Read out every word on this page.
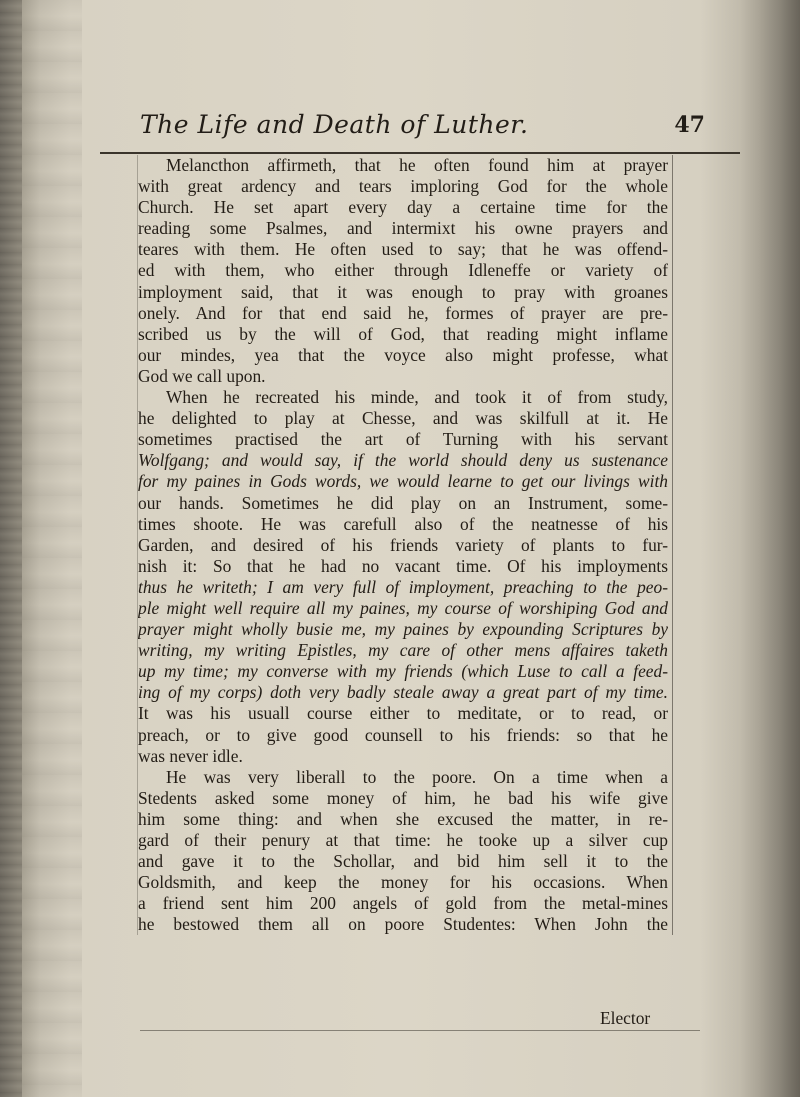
The Life and Death of Luther.	47
Melancthon affirmeth, that he often found him at prayer
with great ardency and tears imploring God for the whole
Church. He set apart every day a certaine time for the
reading some Psalmes, and intermixt his owne prayers and
teares with them. He often used to say; that he was offend-
ed with them, who either through Idleneffe or variety of
imployment said, that it was enough to pray with groanes
onely. And for that end said he, formes of prayer are pre-
scribed us by the will of God, that reading might inflame
our mindes, yea that the voyce also might professe, what
God we call upon.
When he recreated his minde, and took it of from study,
he delighted to play at Chesse, and was skilfull at it. He
sometimes practised the art of Turning with his servant
Wolfgang; and would say, if the world should deny us sustenance
for my paines in Gods words, we would learne to get our livings with
our hands. Sometimes he did play on an Instrument, some-
times shoote. He was carefull also of the neatnesse of his
Garden, and desired of his friends variety of plants to fur-
nish it: So that he had no vacant time. Of his imployments
thus he writeth; I am very full of imployment, preaching to the peo-
ple might well require all my paines, my course of worshiping God and
prayer might wholly busie me, my paines by expounding Scriptures by
writing, my writing Epistles, my care of other mens affaires taketh
up my time; my converse with my friends (which Luse to call a feed-
ing of my corps) doth very badly steale away a great part of my time.
It was his usuall course either to meditate, or to read, or
preach, or to give good counsell to his friends: so that he
was never idle.
He was very liberall to the poore. On a time when a
Stedents asked some money of him, he bad his wife give
him some thing: and when she excused the matter, in re-
gard of their penury at that time: he tooke up a silver cup
and gave it to the Schollar, and bid him sell it to the
Goldsmith, and keep the money for his occasions. When
a friend sent him 200 angels of gold from the metal-mines
he bestowed them all on poore Studentes: When John the
Elector
